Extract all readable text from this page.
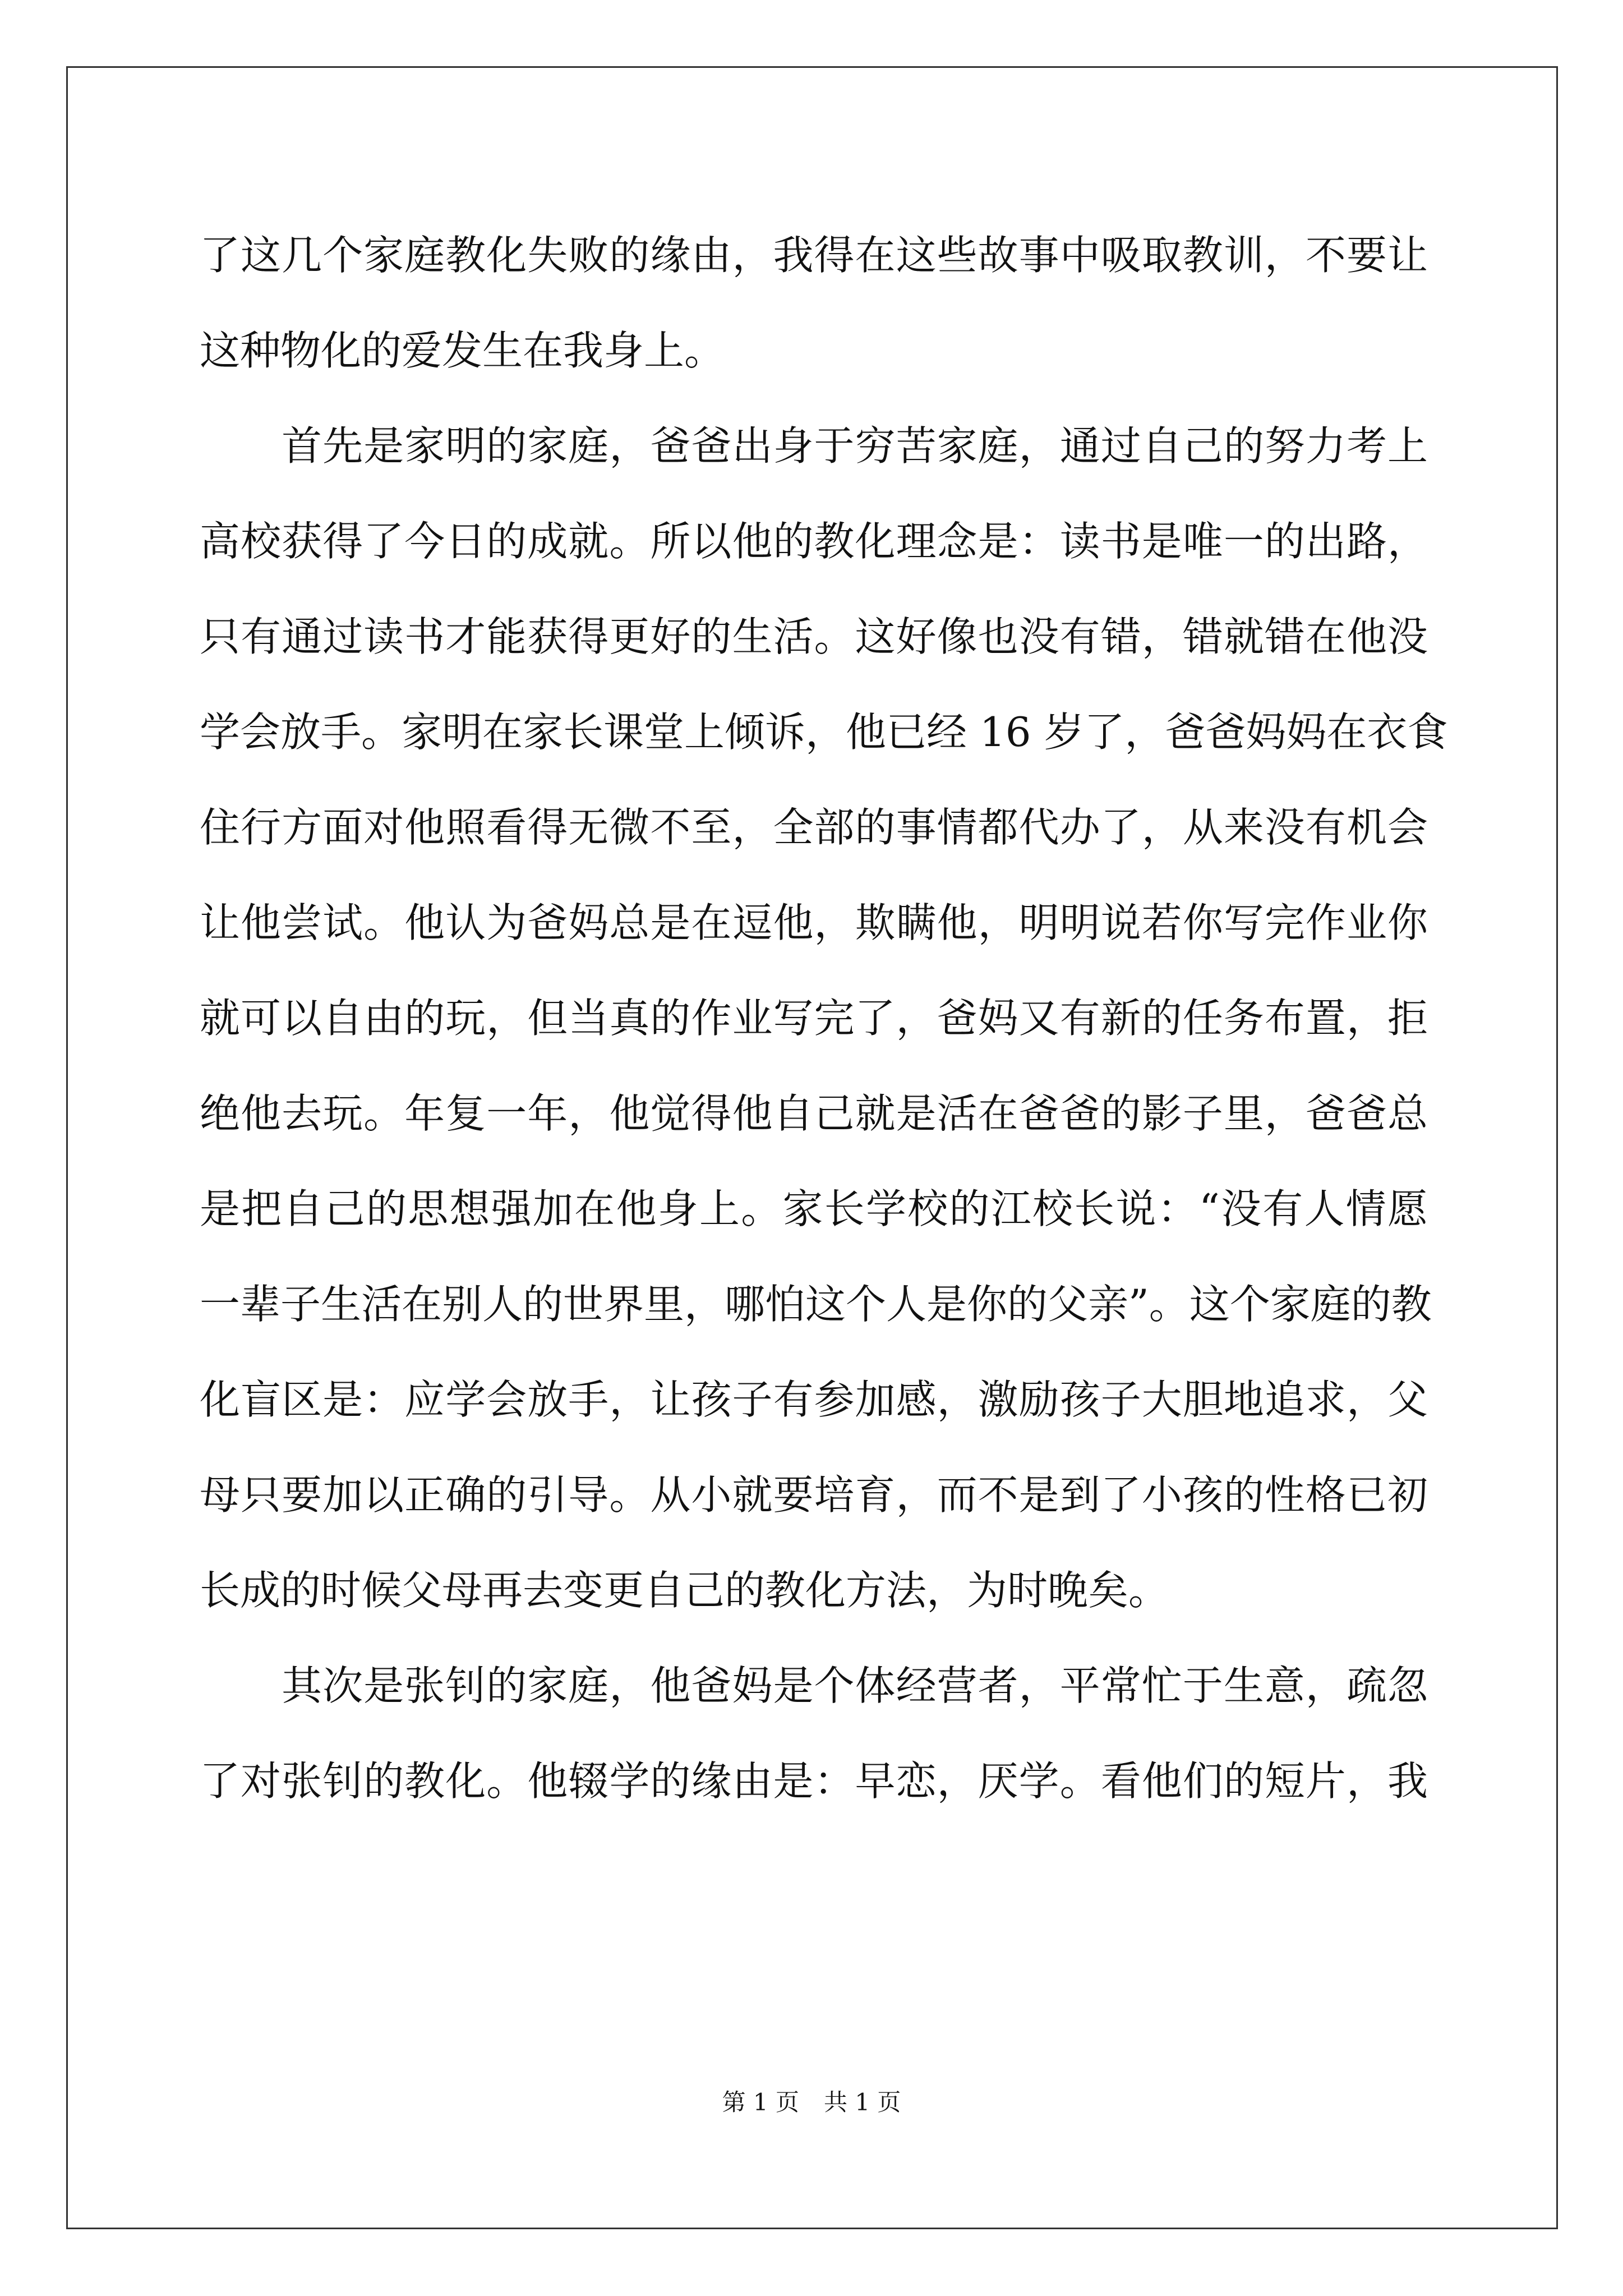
了这几个家庭教化失败的缘由，我得在这些故事中吸取教训，不要让
这种物化的爱发生在我身上。
　　首先是家明的家庭，爸爸出身于穷苦家庭，通过自己的努力考上
高校获得了今日的成就。所以他的教化理念是：读书是唯一的出路，
只有通过读书才能获得更好的生活。这好像也没有错，错就错在他没
学会放手。家明在家长课堂上倾诉，他已经 16 岁了，爸爸妈妈在衣食
住行方面对他照看得无微不至，全部的事情都代办了，从来没有机会
让他尝试。他认为爸妈总是在逗他，欺瞒他，明明说若你写完作业你
就可以自由的玩，但当真的作业写完了，爸妈又有新的任务布置，拒
绝他去玩。年复一年，他觉得他自己就是活在爸爸的影子里，爸爸总
是把自己的思想强加在他身上。家长学校的江校长说：“没有人情愿
一辈子生活在别人的世界里，哪怕这个人是你的父亲”。这个家庭的教
化盲区是：应学会放手，让孩子有参加感，激励孩子大胆地追求，父
母只要加以正确的引导。从小就要培育，而不是到了小孩的性格已初
长成的时候父母再去变更自己的教化方法，为时晚矣。
　　其次是张钊的家庭，他爸妈是个体经营者，平常忙于生意，疏忽
了对张钊的教化。他辍学的缘由是：早恋，厌学。看他们的短片，我
第 1 页 共 1 页
